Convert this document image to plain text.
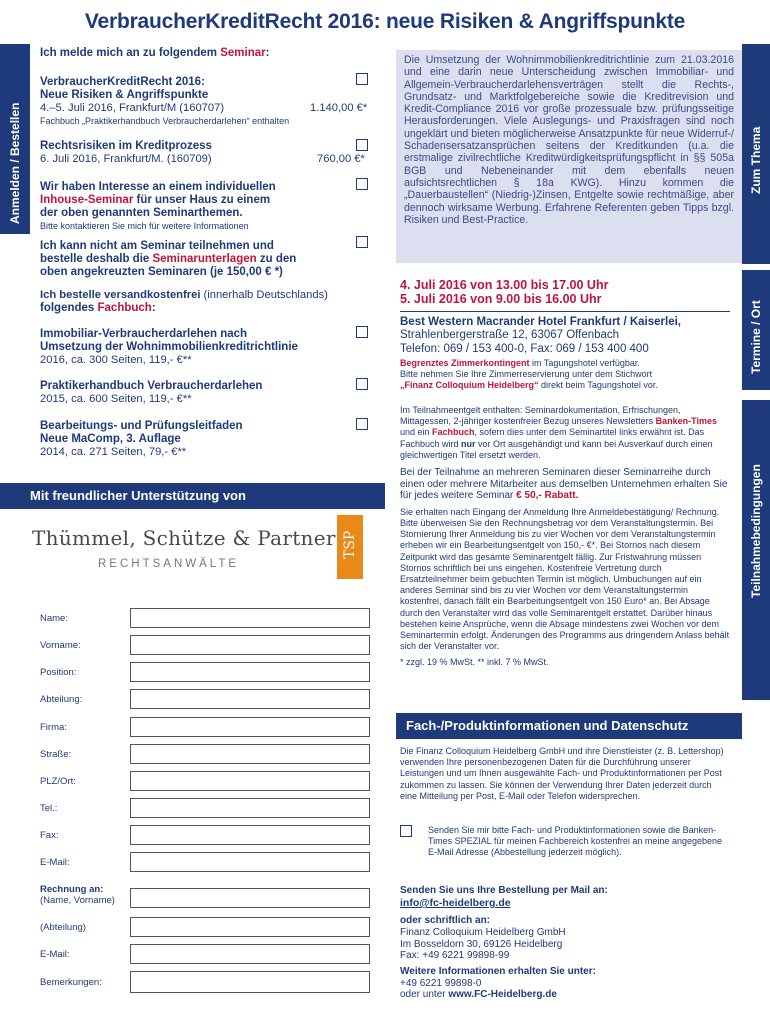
VerbraucherKreditRecht 2016: neue Risiken & Angriffspunkte
Anmelden / Bestellen	Zum Thema
Termine / Ort
Teilnahmebedingungen
Ich melde mich an zu folgendem Seminar:
VerbraucherKreditRecht 2016:
Neue Risiken & Angriffspunkte
4.–5. Juli 2016, Frankfurt/M (160707)
Fachbuch „Praktikerhandbuch Verbraucherdarlehen“ enthalten
1.140,00 €*
Rechtsrisiken im Kreditprozess
6. Juli 2016, Frankfurt/M. (160709)	760,00 €*
Wir haben Interesse an einem individuellen
Inhouse-Seminar für unser Haus zu einem
der oben genannten Seminarthemen.
Bitte kontaktieren Sie mich für weitere Informationen
Ich kann nicht am Seminar teilnehmen und
bestelle deshalb die Seminarunterlagen zu den
oben angekreuzten Seminaren (je 150,00 € *)
Ich bestelle versandkostenfrei (innerhalb Deutschlands)
folgendes Fachbuch:
Immobiliar-Verbraucherdarlehen nach
Umsetzung der Wohnimmobilienkreditrichtlinie
2016, ca. 300 Seiten, 119,- €**
Praktikerhandbuch Verbraucherdarlehen
2015, ca. 600 Seiten, 119,- €**
Bearbeitungs- und Prüfungsleitfaden
Neue MaComp, 3. Auflage
2014, ca. 271 Seiten, 79,- €**
Mit freundlicher Unterstützung von
Thümmel, Schütze & Partner
RECHTSANWÄLTE
TSP
Name:
Vorname:
Position:
Abteilung:
Firma:
Straße:
PLZ/Ort:
Tel.:
Fax:
E-Mail:
Rechnung an:
(Name, Vorname)
(Abteilung)
E-Mail:
Bemerkungen:
Die Umsetzung der Wohnimmobilienkreditrichtlinie zum 21.03.2016 und eine darin neue Unterscheidung zwischen Immobiliar- und Allgemein-Verbraucherdarlehensverträgen stellt die Rechts-, Grundsatz- und Marktfolgebereiche sowie die Kreditrevision und Kredit-Compliance 2016 vor große prozessuale bzw. prüfungsseitige Herausforderungen. Viele Auslegungs- und Praxisfragen sind noch ungeklärt und bieten möglicherweise Ansatzpunkte für neue Widerruf-/ Schadensersatzansprüchen seitens der Kreditkunden (u.a. die erstmalige zivilrechtliche Kreditwürdigkeitsprüfungspflicht in §§ 505a BGB und Nebeneinander mit dem ebenfalls neuen aufsichtsrechtlichen § 18a KWG). Hinzu kommen die „Dauerbaustellen“ (Niedrig-)Zinsen, Entgelte sowie rechtmäßige, aber dennoch wirksame Werbung. Erfahrene Referenten geben Tipps bzgl. Risiken und Best-Practice.
4. Juli 2016 von 13.00 bis 17.00 Uhr
5. Juli 2016 von 9.00 bis 16.00 Uhr
Best Western Macrander Hotel Frankfurt / Kaiserlei,
Strahlenbergerstraße 12, 63067 Offenbach
Telefon: 069 / 153 400-0, Fax: 069 / 153 400 400
Begrenztes Zimmerkontingent im Tagungshotel verfügbar.
Bitte nehmen Sie Ihre Zimmerreservierung unter dem Stichwort
„Finanz Colloquium Heidelberg“ direkt beim Tagungshotel vor.
Im Teilnahmeentgelt enthalten: Seminardokumentation, Erfrischungen, Mittagessen, 2-jähriger kostenfreier Bezug unseres Newsletters Banken-Times und ein Fachbuch, sofern dies unter dem Seminartitel links erwähnt ist. Das Fachbuch wird nur vor Ort ausgehändigt und kann bei Ausverkauf durch einen gleichwertigen Titel ersetzt werden.
Bei der Teilnahme an mehreren Seminaren dieser Seminarreihe durch einen oder mehrere Mitarbeiter aus demselben Unternehmen erhalten Sie für jedes weitere Seminar € 50,- Rabatt.
Sie erhalten nach Eingang der Anmeldung Ihre Anmeldebestätigung/ Rechnung. Bitte überweisen Sie den Rechnungsbetrag vor dem Veranstaltungstermin. Bei Stornierung Ihrer Anmeldung bis zu vier Wochen vor dem Veranstaltungstermin erheben wir ein Bearbeitungsentgelt von 150,- €*. Bei Stornos nach diesem Zeitpunkt wird das gesamte Seminarentgelt fällig. Zur Fristwahrung müssen Stornos schriftlich bei uns eingehen. Kostenfreie Vertretung durch Ersatzteilnehmer beim gebuchten Termin ist möglich. Umbuchungen auf ein anderes Seminar sind bis zu vier Wochen vor dem Veranstaltungstermin kostenfrei, danach fällt ein Bearbeitungsentgelt von 150 Euro* an. Bei Absage durch den Veranstalter wird das volle Seminarentgelt erstattet. Darüber hinaus bestehen keine Ansprüche, wenn die Absage mindestens zwei Wochen vor dem Seminartermin erfolgt. Änderungen des Programms aus dringendem Anlass behält sich der Veranstalter vor.
* zzgl. 19 % MwSt. ** inkl. 7 % MwSt.
Fach-/Produktinformationen und Datenschutz
Die Finanz Colloquium Heidelberg GmbH und ihre Dienstleister (z. B. Lettershop) verwenden Ihre personenbezogenen Daten für die Durchführung unserer Leistungen und um Ihnen ausgewählte Fach- und Produktinformationen per Post zukommen zu lassen. Sie können der Verwendung Ihrer Daten jederzeit durch eine Mitteilung per Post, E-Mail oder Telefon widersprechen.
Senden Sie mir bitte Fach- und Produktinformationen sowie die Banken-Times SPEZIAL für meinen Fachbereich kostenfrei an meine angegebene E-Mail Adresse (Abbestellung jederzeit möglich).
Senden Sie uns Ihre Bestellung per Mail an:
info@fc-heidelberg.de
oder schriftlich an:
Finanz Colloquium Heidelberg GmbH
Im Bosseldorn 30, 69126 Heidelberg
Fax: +49 6221 99898-99
Weitere Informationen erhalten Sie unter:
+49 6221 99898-0
oder unter www.FC-Heidelberg.de
